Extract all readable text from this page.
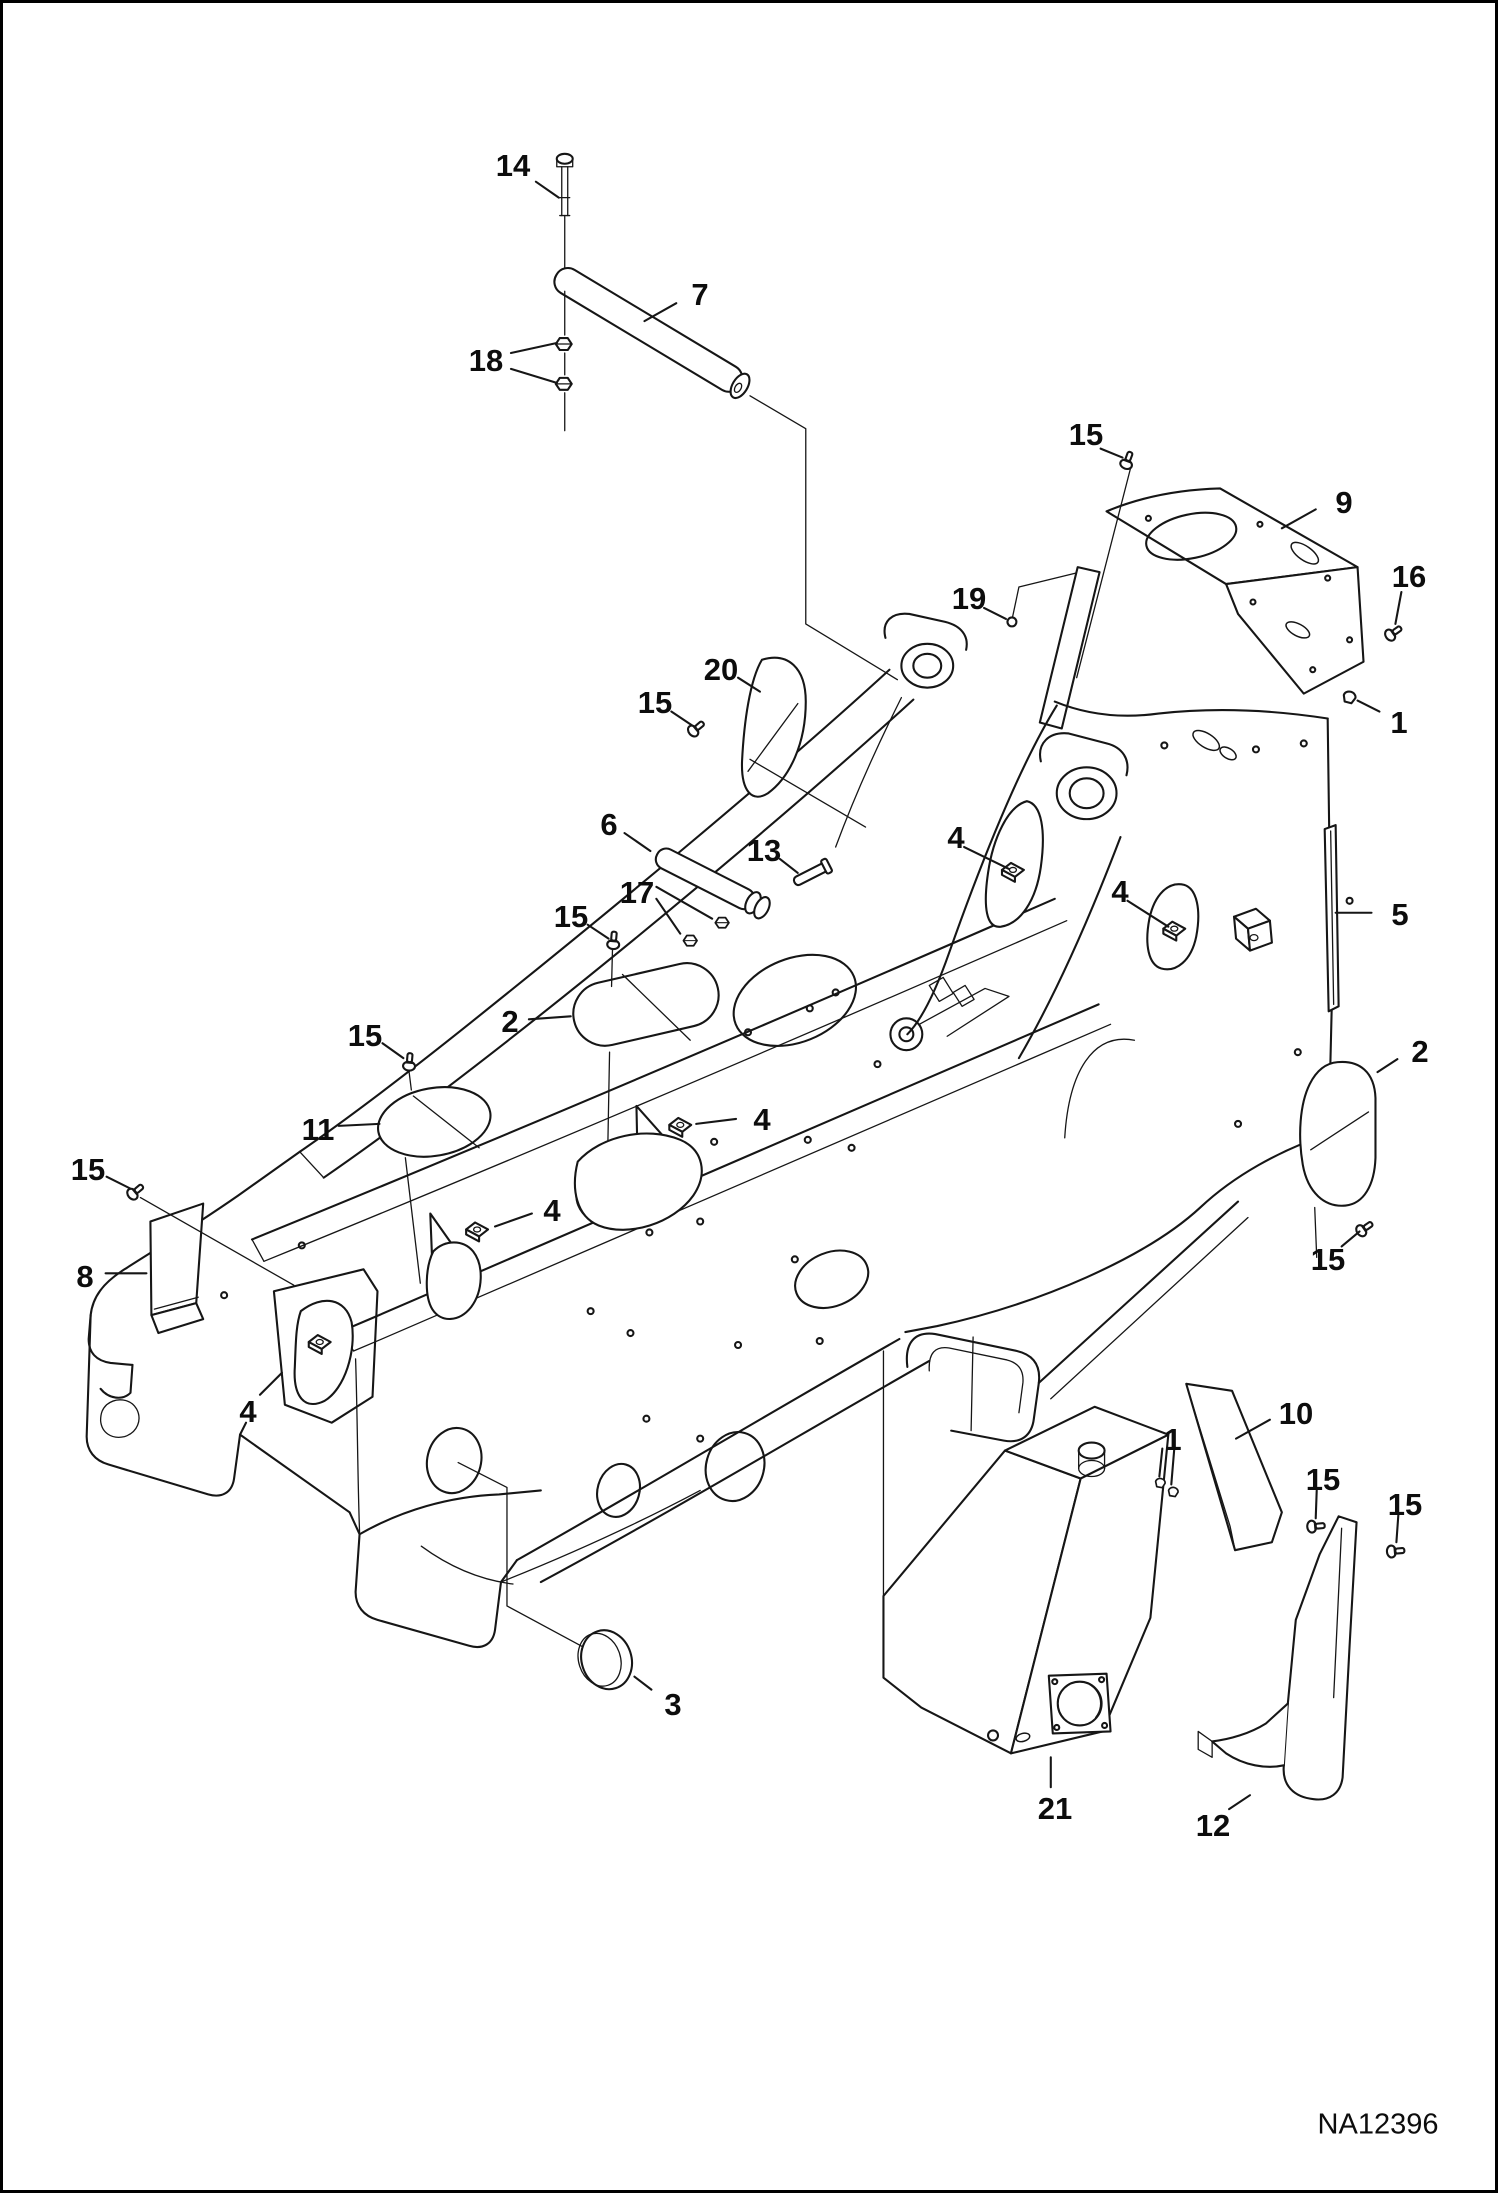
14
7
18
15
9
16
1
19
20
15
6
13
17
4
15
2
4
5
15
11
2
15
8	15
4
4
4	10
1
15
15
3
21	12
NA12396
